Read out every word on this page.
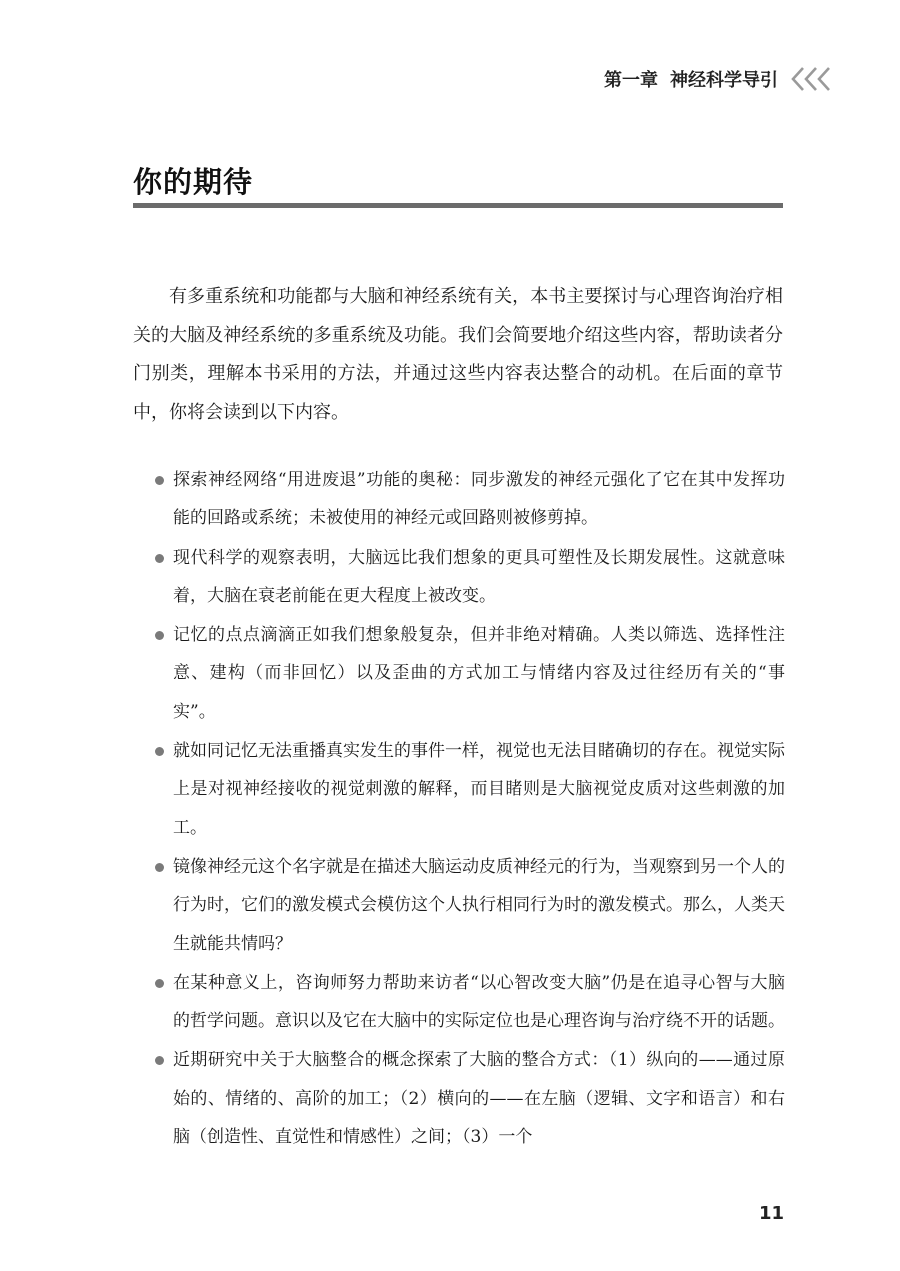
第一章 神经科学导引
你的期待

有多重系统和功能都与大脑和神经系统有关，本书主要探讨与心理咨询治疗相关的大脑及神经系统的多重系统及功能。我们会简要地介绍这些内容，帮助读者分门别类，理解本书采用的方法，并通过这些内容表达整合的动机。在后面的章节中，你将会读到以下内容。

探索神经网络“用进废退”功能的奥秘：同步激发的神经元强化了它在其中发挥功能的回路或系统；未被使用的神经元或回路则被修剪掉。
现代科学的观察表明，大脑远比我们想象的更具可塑性及长期发展性。这就意味着，大脑在衰老前能在更大程度上被改变。
记忆的点点滴滴正如我们想象般复杂，但并非绝对精确。人类以筛选、选择性注意、建构（而非回忆）以及歪曲的方式加工与情绪内容及过往经历有关的“事实”。
就如同记忆无法重播真实发生的事件一样，视觉也无法目睹确切的存在。视觉实际上是对视神经接收的视觉刺激的解释，而目睹则是大脑视觉皮质对这些刺激的加工。
镜像神经元这个名字就是在描述大脑运动皮质神经元的行为，当观察到另一个人的行为时，它们的激发模式会模仿这个人执行相同行为时的激发模式。那么，人类天生就能共情吗？
在某种意义上，咨询师努力帮助来访者“以心智改变大脑”仍是在追寻心智与大脑的哲学问题。意识以及它在大脑中的实际定位也是心理咨询与治疗绕不开的话题。
近期研究中关于大脑整合的概念探索了大脑的整合方式：（1）纵向的——通过原始的、情绪的、高阶的加工；（2）横向的——在左脑（逻辑、文字和语言）和右脑（创造性、直觉性和情感性）之间；（3）一个
11
